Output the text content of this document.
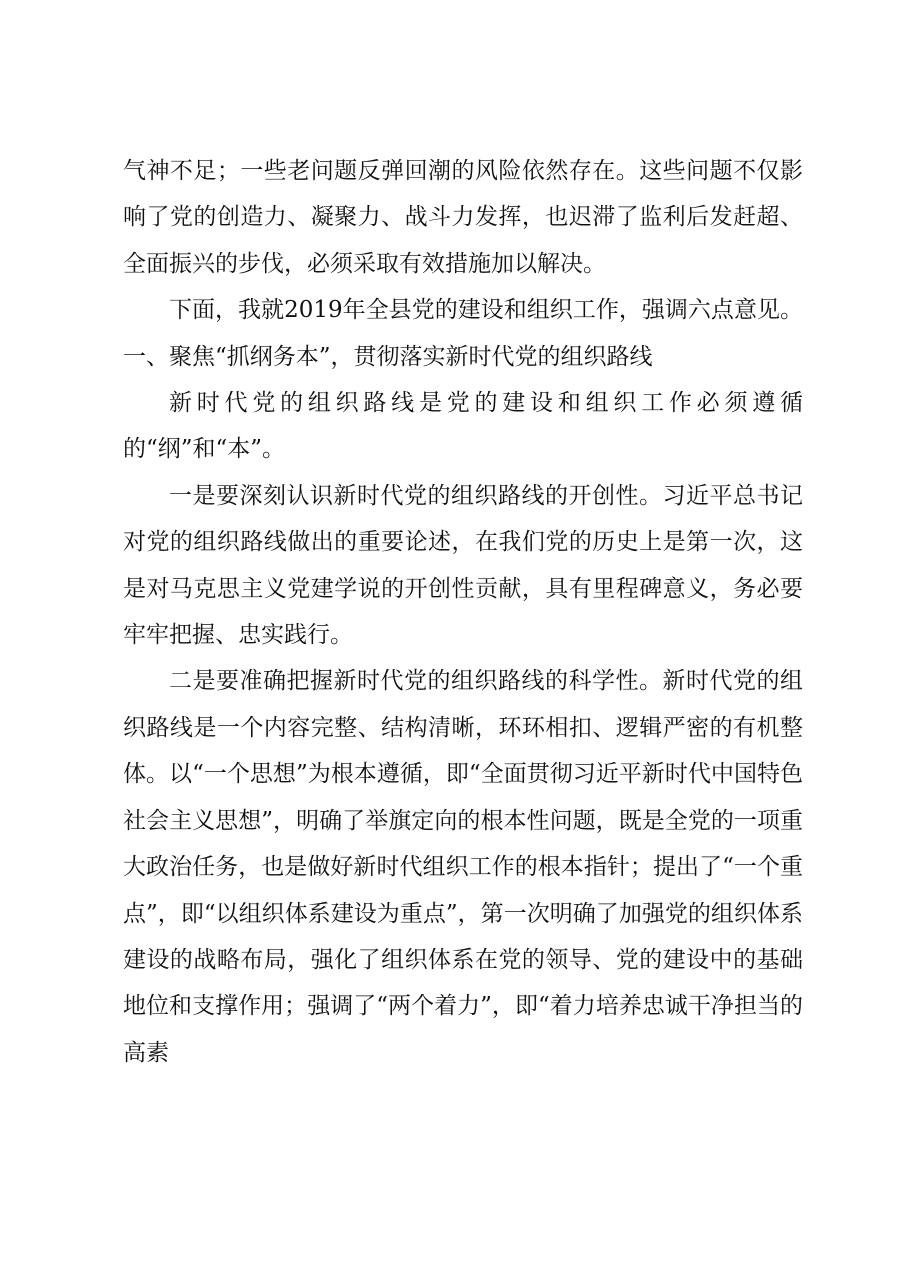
气神不足；一些老问题反弹回潮的风险依然存在。这些问题不仅影响了党的创造力、凝聚力、战斗力发挥，也迟滞了监利后发赶超、全面振兴的步伐，必须采取有效措施加以解决。

下面，我就2019年全县党的建设和组织工作，强调六点意见。一、聚焦“抓纲务本”，贯彻落实新时代党的组织路线

新时代党的组织路线是党的建设和组织工作必须遵循的“纲”和“本”。

一是要深刻认识新时代党的组织路线的开创性。习近平总书记对党的组织路线做出的重要论述，在我们党的历史上是第一次，这是对马克思主义党建学说的开创性贡献，具有里程碑意义，务必要牢牢把握、忠实践行。

二是要准确把握新时代党的组织路线的科学性。新时代党的组织路线是一个内容完整、结构清晰，环环相扣、逻辑严密的有机整体。以“一个思想”为根本遵循，即“全面贯彻习近平新时代中国特色社会主义思想”，明确了举旗定向的根本性问题，既是全党的一项重大政治任务，也是做好新时代组织工作的根本指针；提出了“一个重点”，即“以组织体系建设为重点”，第一次明确了加强党的组织体系建设的战略布局，强化了组织体系在党的领导、党的建设中的基础地位和支撑作用；强调了“两个着力”，即“着力培养忠诚干净担当的高素
